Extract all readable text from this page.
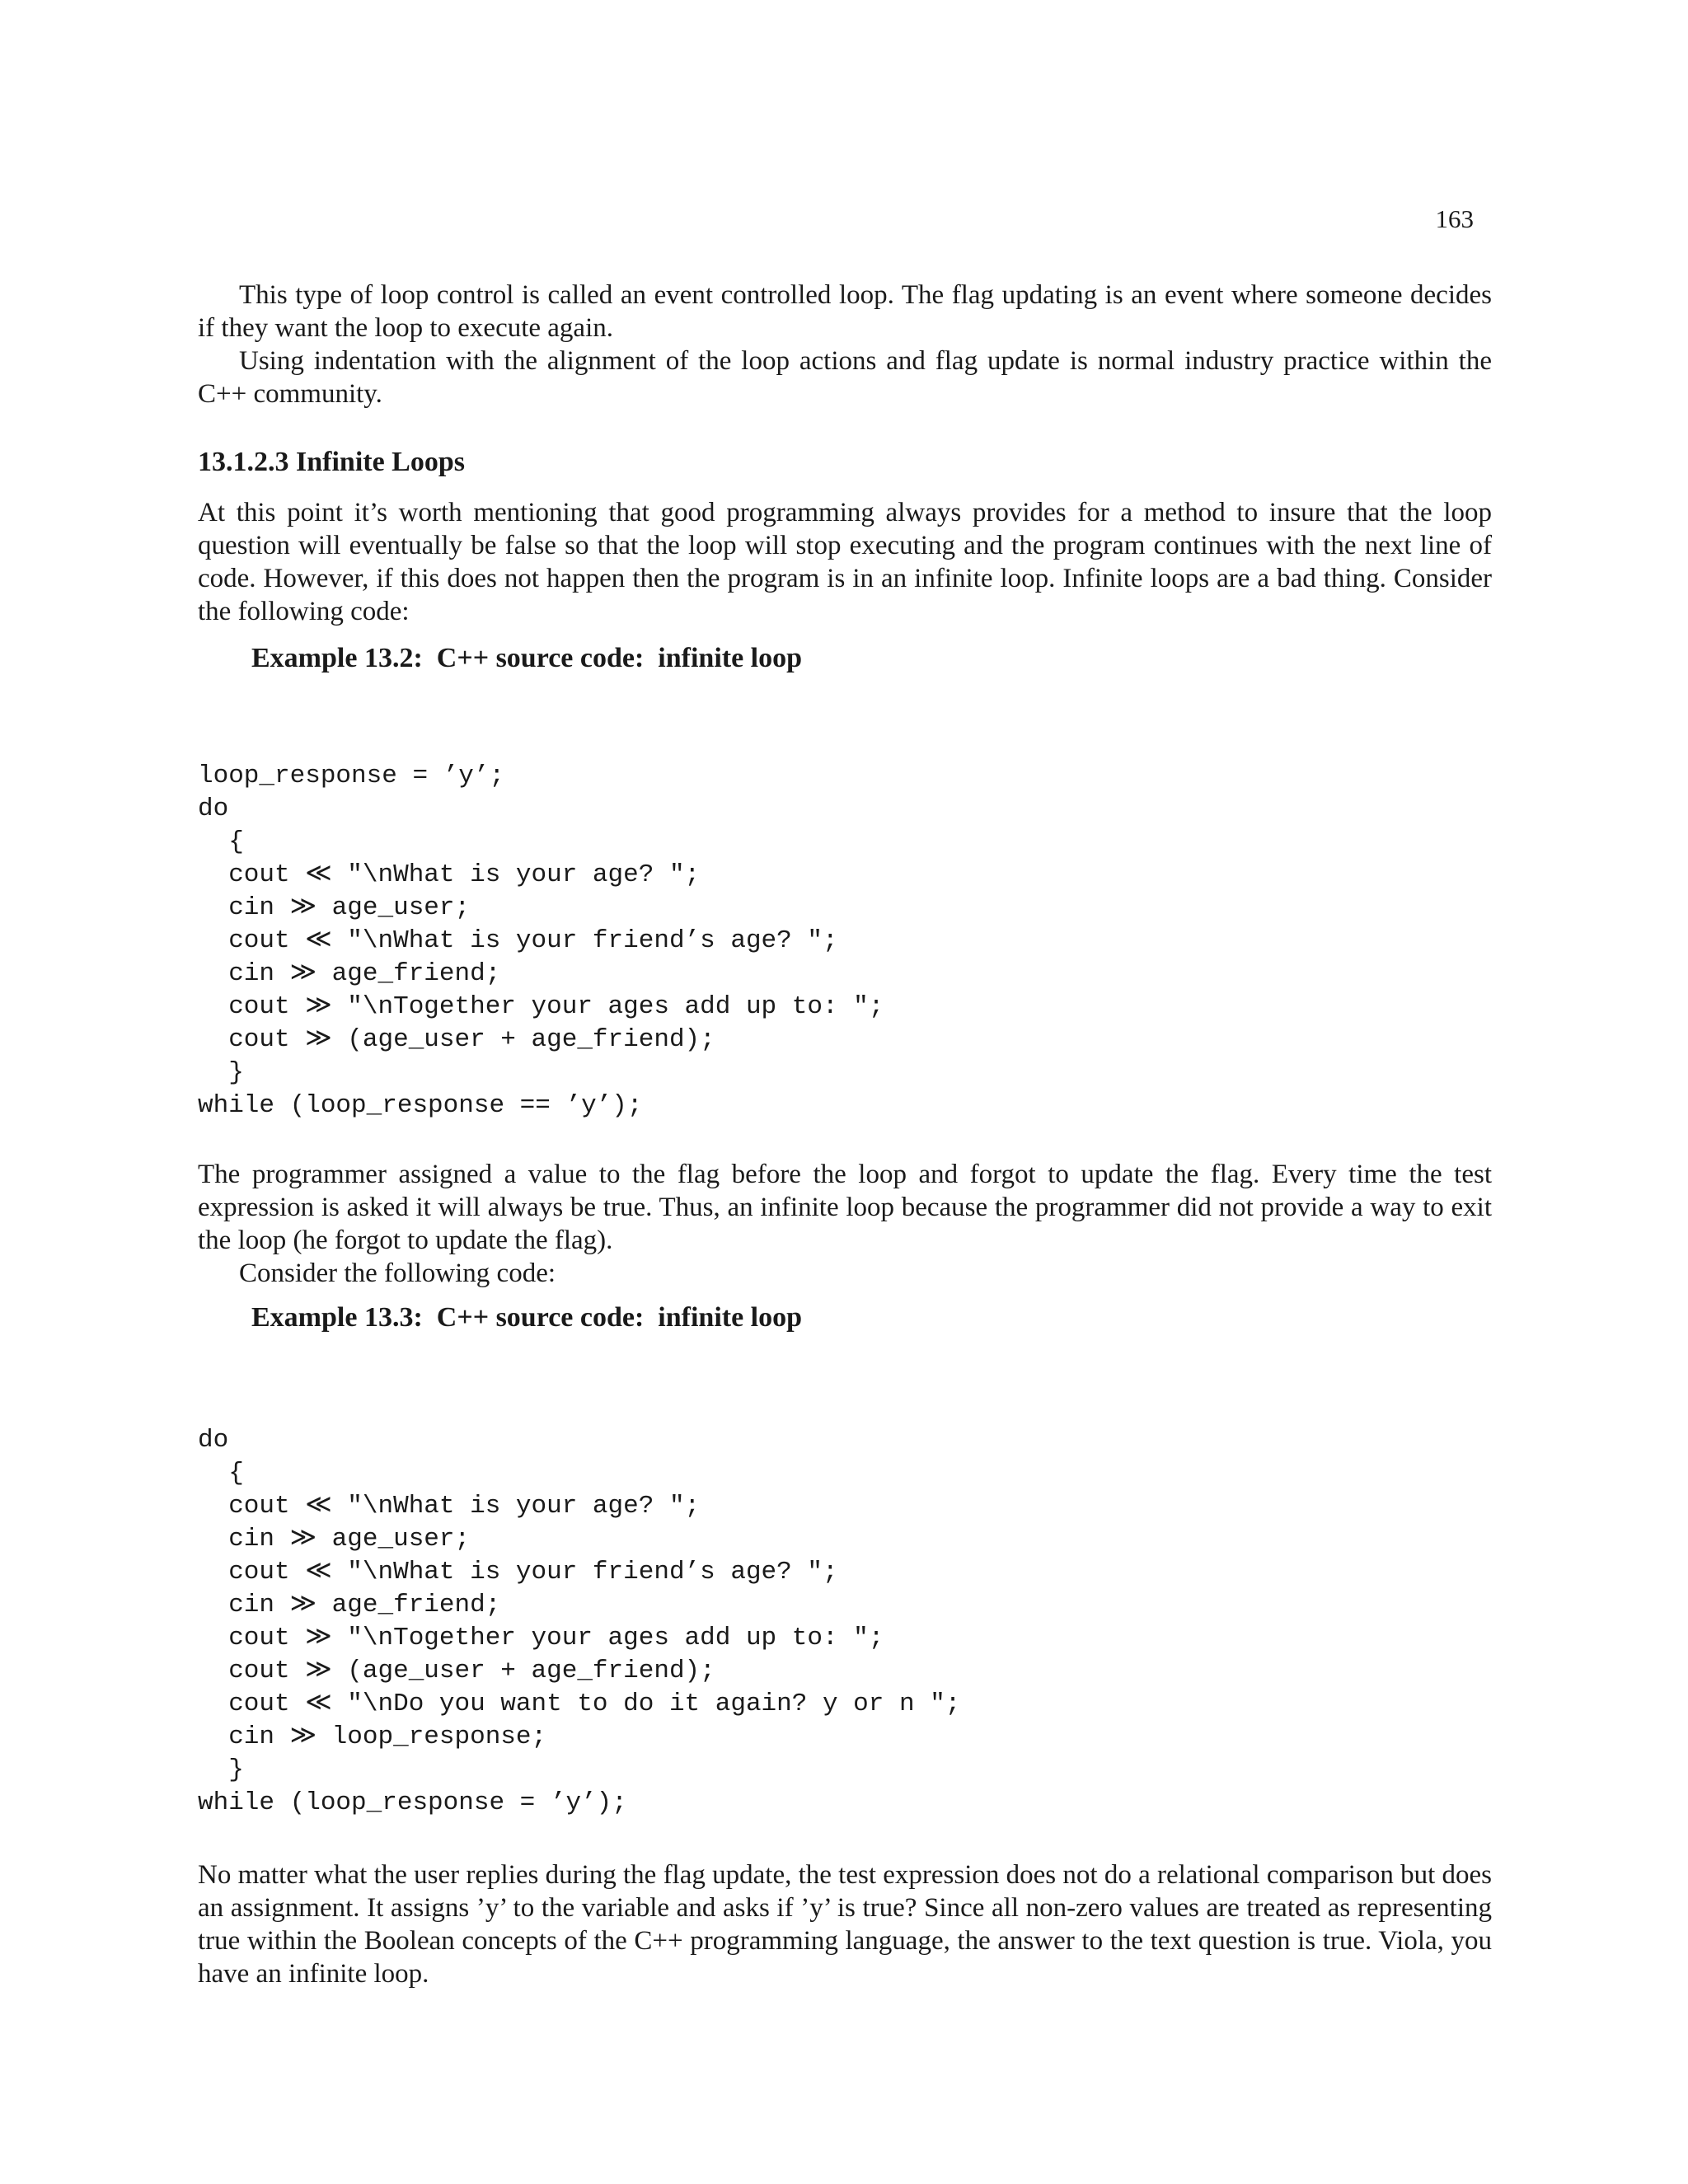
163

This type of loop control is called an event controlled loop. The flag updating is an event where someone decides if they want the loop to execute again.

Using indentation with the alignment of the loop actions and flag update is normal industry practice within the C++ community.

13.1.2.3 Infinite Loops

At this point it’s worth mentioning that good programming always provides for a method to insure that the loop question will eventually be false so that the loop will stop executing and the program continues with the next line of code. However, if this does not happen then the program is in an infinite loop. Infinite loops are a bad thing. Consider the following code:

Example 13.2:  C++ source code:  infinite loop
loop_response = ’y’;
do
{
cout ≪ "\nWhat is your age? ";
cin ≫ age_user;
cout ≪ "\nWhat is your friend’s age? ";
cin ≫ age_friend;
cout ≫ "\nTogether your ages add up to: ";
cout ≫ (age_user + age_friend);
}
while (loop_response == ’y’);

The programmer assigned a value to the flag before the loop and forgot to update the flag. Every time the test expression is asked it will always be true. Thus, an infinite loop because the programmer did not provide a way to exit the loop (he forgot to update the flag).

Consider the following code:

Example 13.3:  C++ source code:  infinite loop
do
{
cout ≪ "\nWhat is your age? ";
cin ≫ age_user;
cout ≪ "\nWhat is your friend’s age? ";
cin ≫ age_friend;
cout ≫ "\nTogether your ages add up to: ";
cout ≫ (age_user + age_friend);
cout ≪ "\nDo you want to do it again? y or n ";
cin ≫ loop_response;
}
while (loop_response = ’y’);

No matter what the user replies during the flag update, the test expression does not do a relational comparison but does an assignment. It assigns ’y’ to the variable and asks if ’y’ is true? Since all non-zero values are treated as representing true within the Boolean concepts of the C++ programming language, the answer to the text question is true. Viola, you have an infinite loop.
